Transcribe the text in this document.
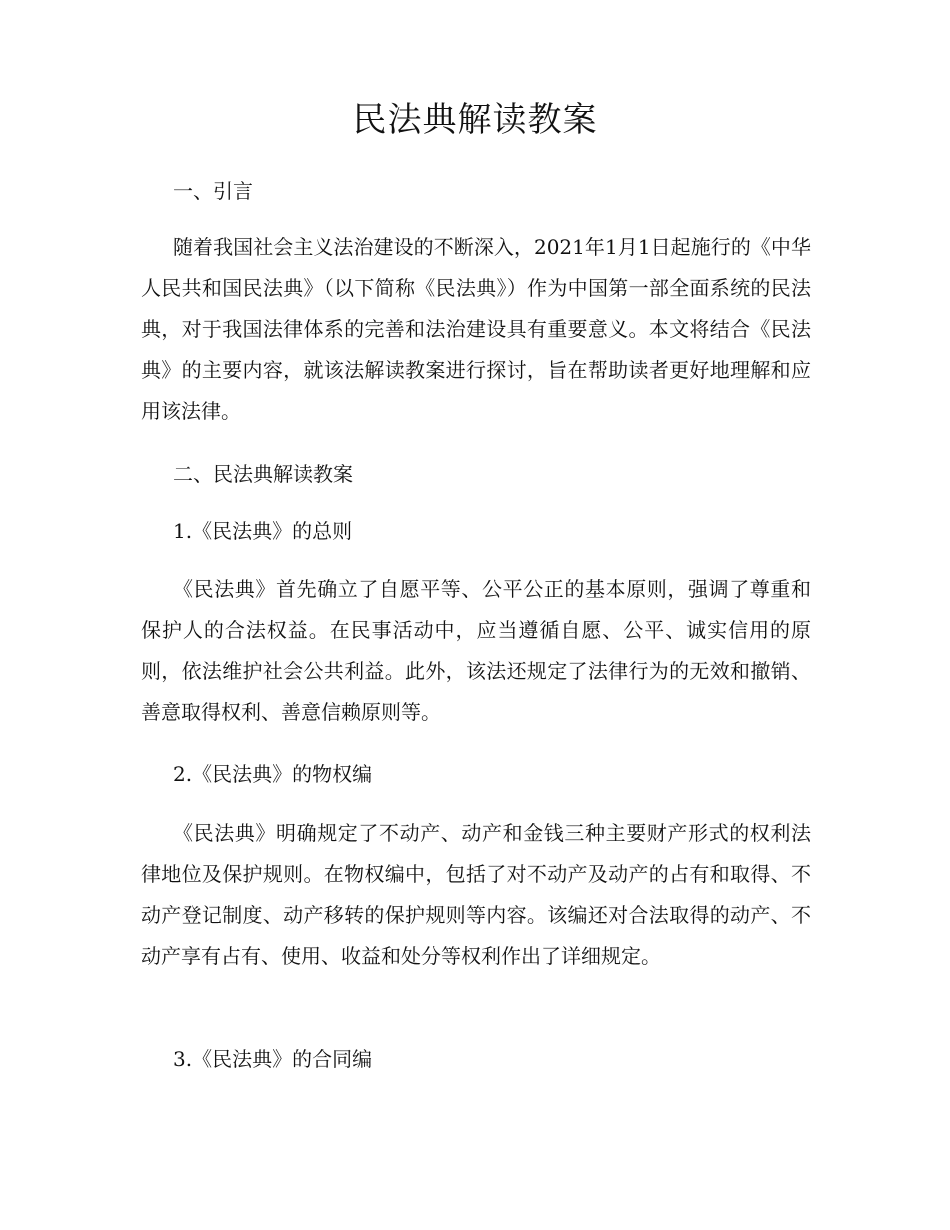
民法典解读教案
一、引言

随着我国社会主义法治建设的不断深入，2021年1月1日起施行的《中华人民共和国民法典》（以下简称《民法典》）作为中国第一部全面系统的民法典，对于我国法律体系的完善和法治建设具有重要意义。本文将结合《民法典》的主要内容，就该法解读教案进行探讨，旨在帮助读者更好地理解和应用该法律。

二、民法典解读教案
1.《民法典》的总则

《民法典》首先确立了自愿平等、公平公正的基本原则，强调了尊重和保护人的合法权益。在民事活动中，应当遵循自愿、公平、诚实信用的原则，依法维护社会公共利益。此外，该法还规定了法律行为的无效和撤销、善意取得权利、善意信赖原则等。

2.《民法典》的物权编

《民法典》明确规定了不动产、动产和金钱三种主要财产形式的权利法律地位及保护规则。在物权编中，包括了对不动产及动产的占有和取得、不动产登记制度、动产移转的保护规则等内容。该编还对合法取得的动产、不动产享有占有、使用、收益和处分等权利作出了详细规定。

3.《民法典》的合同编
